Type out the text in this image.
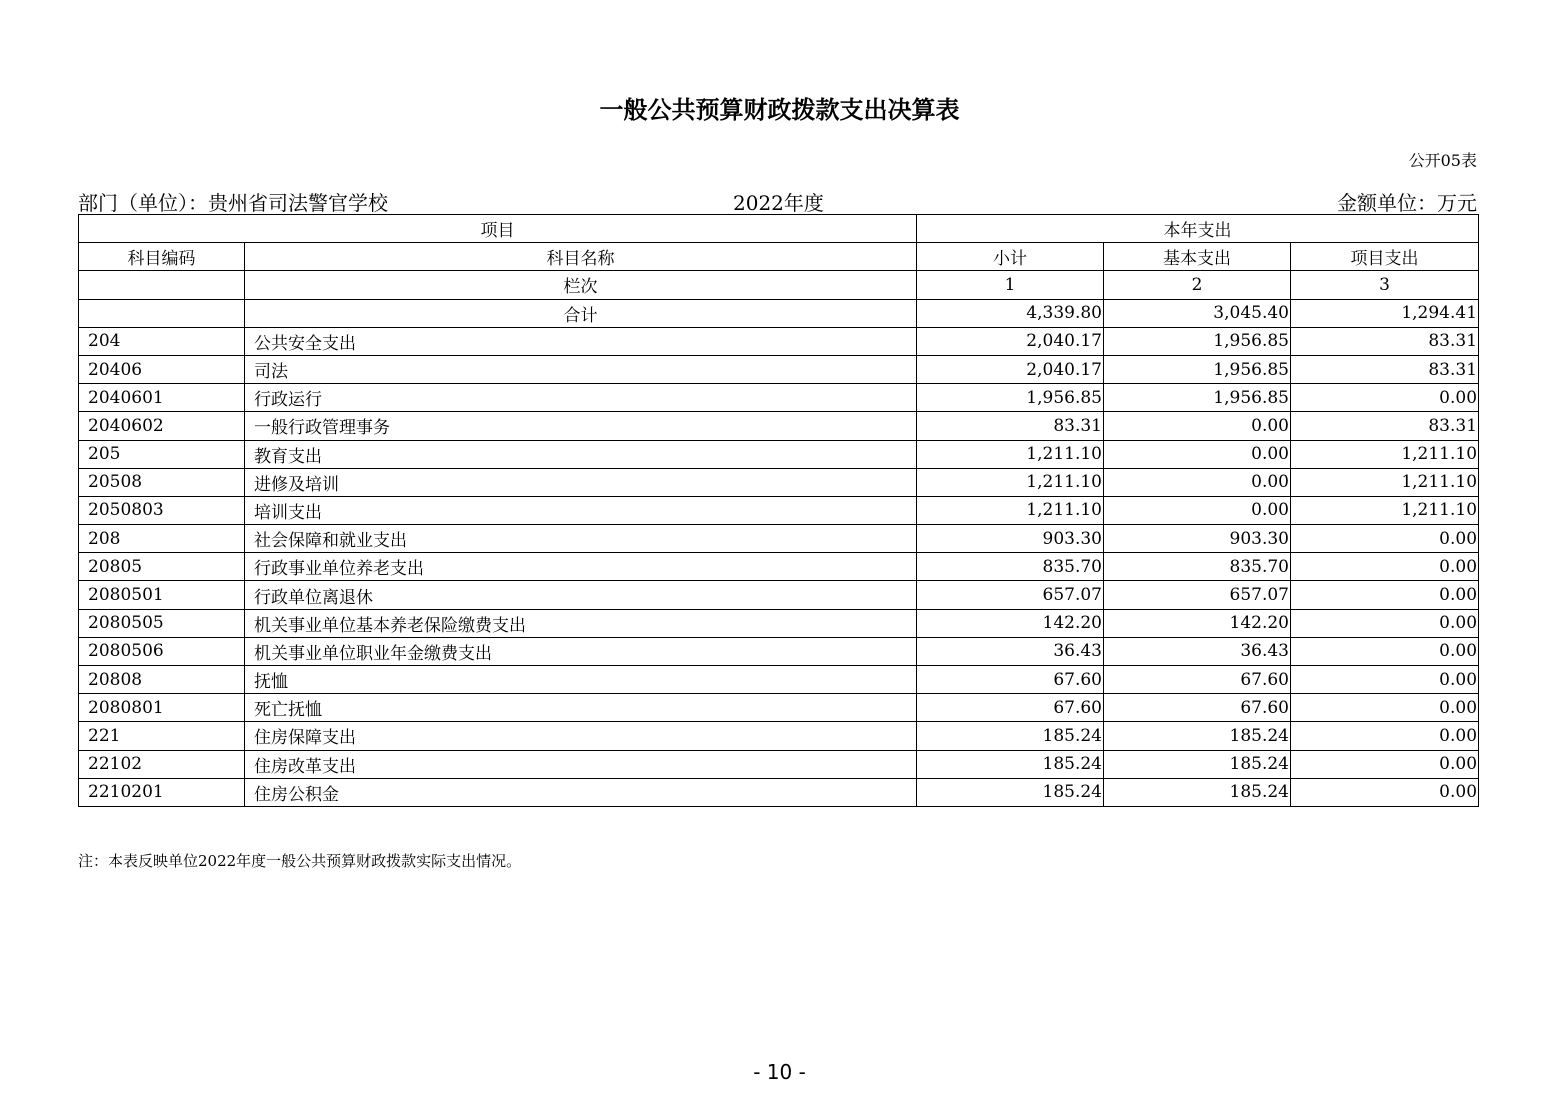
一般公共预算财政拨款支出决算表
公开05表
部门（单位）：贵州省司法警官学校	2022年度	金额单位：万元
项目		本年支出		
科目编码	科目名称	小计	基本支出	项目支出
	栏次	1	2	3
	合计	4,339.80	3,045.40	1,294.41
204	公共安全支出	2,040.17	1,956.85	83.31
20406	司法	2,040.17	1,956.85	83.31
2040601	行政运行	1,956.85	1,956.85	0.00
2040602	一般行政管理事务	83.31	0.00	83.31
205	教育支出	1,211.10	0.00	1,211.10
20508	进修及培训	1,211.10	0.00	1,211.10
2050803	培训支出	1,211.10	0.00	1,211.10
208	社会保障和就业支出	903.30	903.30	0.00
20805	行政事业单位养老支出	835.70	835.70	0.00
2080501	行政单位离退休	657.07	657.07	0.00
2080505	机关事业单位基本养老保险缴费支出	142.20	142.20	0.00
2080506	机关事业单位职业年金缴费支出	36.43	36.43	0.00
20808	抚恤	67.60	67.60	0.00
2080801	死亡抚恤	67.60	67.60	0.00
221	住房保障支出	185.24	185.24	0.00
22102	住房改革支出	185.24	185.24	0.00
2210201	住房公积金	185.24	185.24	0.00
注：本表反映单位2022年度一般公共预算财政拨款实际支出情况。
- 10 -
